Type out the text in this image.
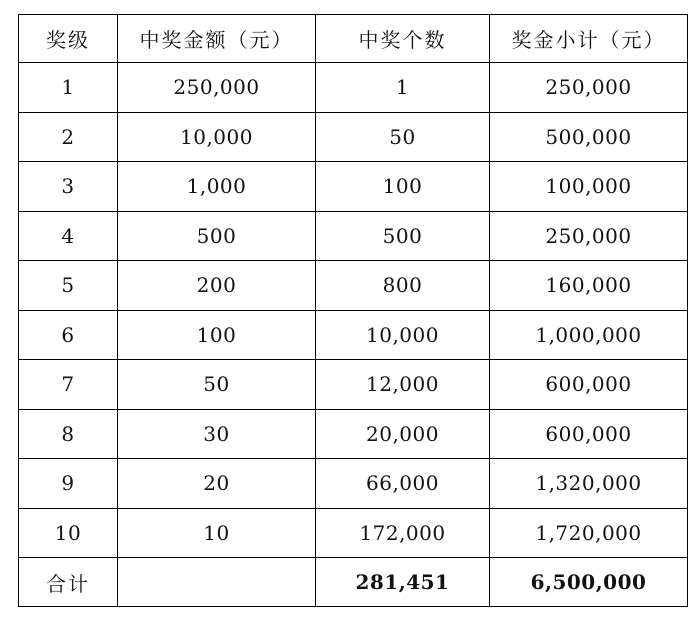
奖级	中奖金额（元）	中奖个数	奖金小计（元）
1	250,000	1	250,000
2	10,000	50	500,000
3	1,000	100	100,000
4	500	500	250,000
5	200	800	160,000
6	100	10,000	1,000,000
7	50	12,000	600,000
8	30	20,000	600,000
9	20	66,000	1,320,000
10	10	172,000	1,720,000
合计		281,451	6,500,000
